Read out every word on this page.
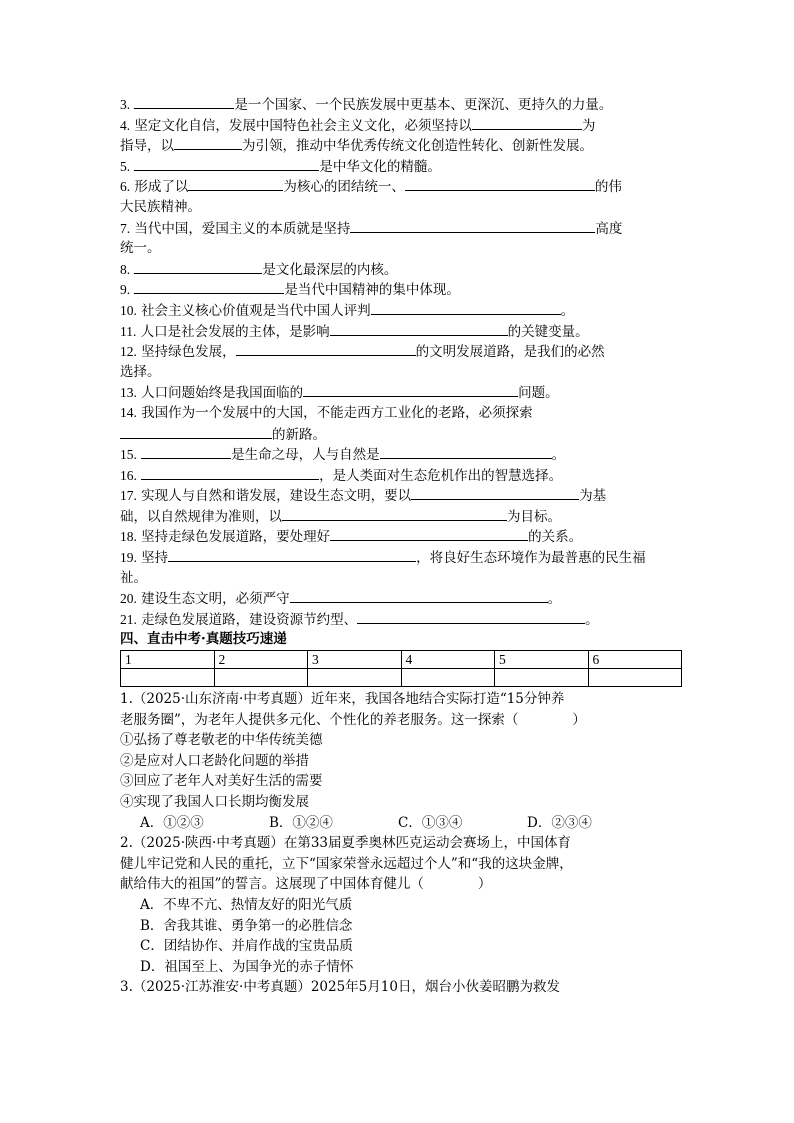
3.	是一个国家、一个民族发展中更基本、更深沉、更持久的力量。
4. 坚定文化自信，发展中国特色社会主义文化，必须坚持以	为
指导，以	为引领，推动中华优秀传统文化创造性转化、创新性发展。
5.	是中华文化的精髓。
6. 形成了以	为核心的团结统一、	的伟
大民族精神。
7. 当代中国，爱国主义的本质就是坚持	高度
统一。
8.	是文化最深层的内核。
9.	是当代中国精神的集中体现。
10. 社会主义核心价值观是当代中国人评判	。
11. 人口是社会发展的主体，是影响	的关键变量。
12. 坚持绿色发展，	的文明发展道路，是我们的必然
选择。
13. 人口问题始终是我国面临的	问题。
14. 我国作为一个发展中的大国，不能走西方工业化的老路，必须探索
的新路。
15.	是生命之母，人与自然是	。
16.	，是人类面对生态危机作出的智慧选择。
17. 实现人与自然和谐发展，建设生态文明，要以	为基
础，以自然规律为准则，以	为目标。
18. 坚持走绿色发展道路，要处理好	的关系。
19. 坚持	，将良好生态环境作为最普惠的民生福
祉。
20. 建设生态文明，必须严守	。
21. 走绿色发展道路，建设资源节约型、	。
四、直击中考·真题技巧速递
1	2	3	4	5	6

1.（2025·山东济南·中考真题）近年来，我国各地结合实际打造“15分钟养
老服务圈”，为老年人提供多元化、个性化的养老服务。这一探索（	）
①弘扬了尊老敬老的中华传统美德
②是应对人口老龄化问题的举措
③回应了老年人对美好生活的需要
④实现了我国人口长期均衡发展
A．①②③	B．①②④	C．①③④	D．②③④
2.（2025·陕西·中考真题）在第33届夏季奥林匹克运动会赛场上，中国体育
健儿牢记党和人民的重托，立下“国家荣誉永远超过个人”和“我的这块金牌，
献给伟大的祖国”的誓言。这展现了中国体育健儿（	）
A．不卑不亢、热情友好的阳光气质
B．舍我其谁、勇争第一的必胜信念
C．团结协作、并肩作战的宝贵品质
D．祖国至上、为国争光的赤子情怀
3.（2025·江苏淮安·中考真题）2025年5月10日，烟台小伙姜昭鹏为救发
